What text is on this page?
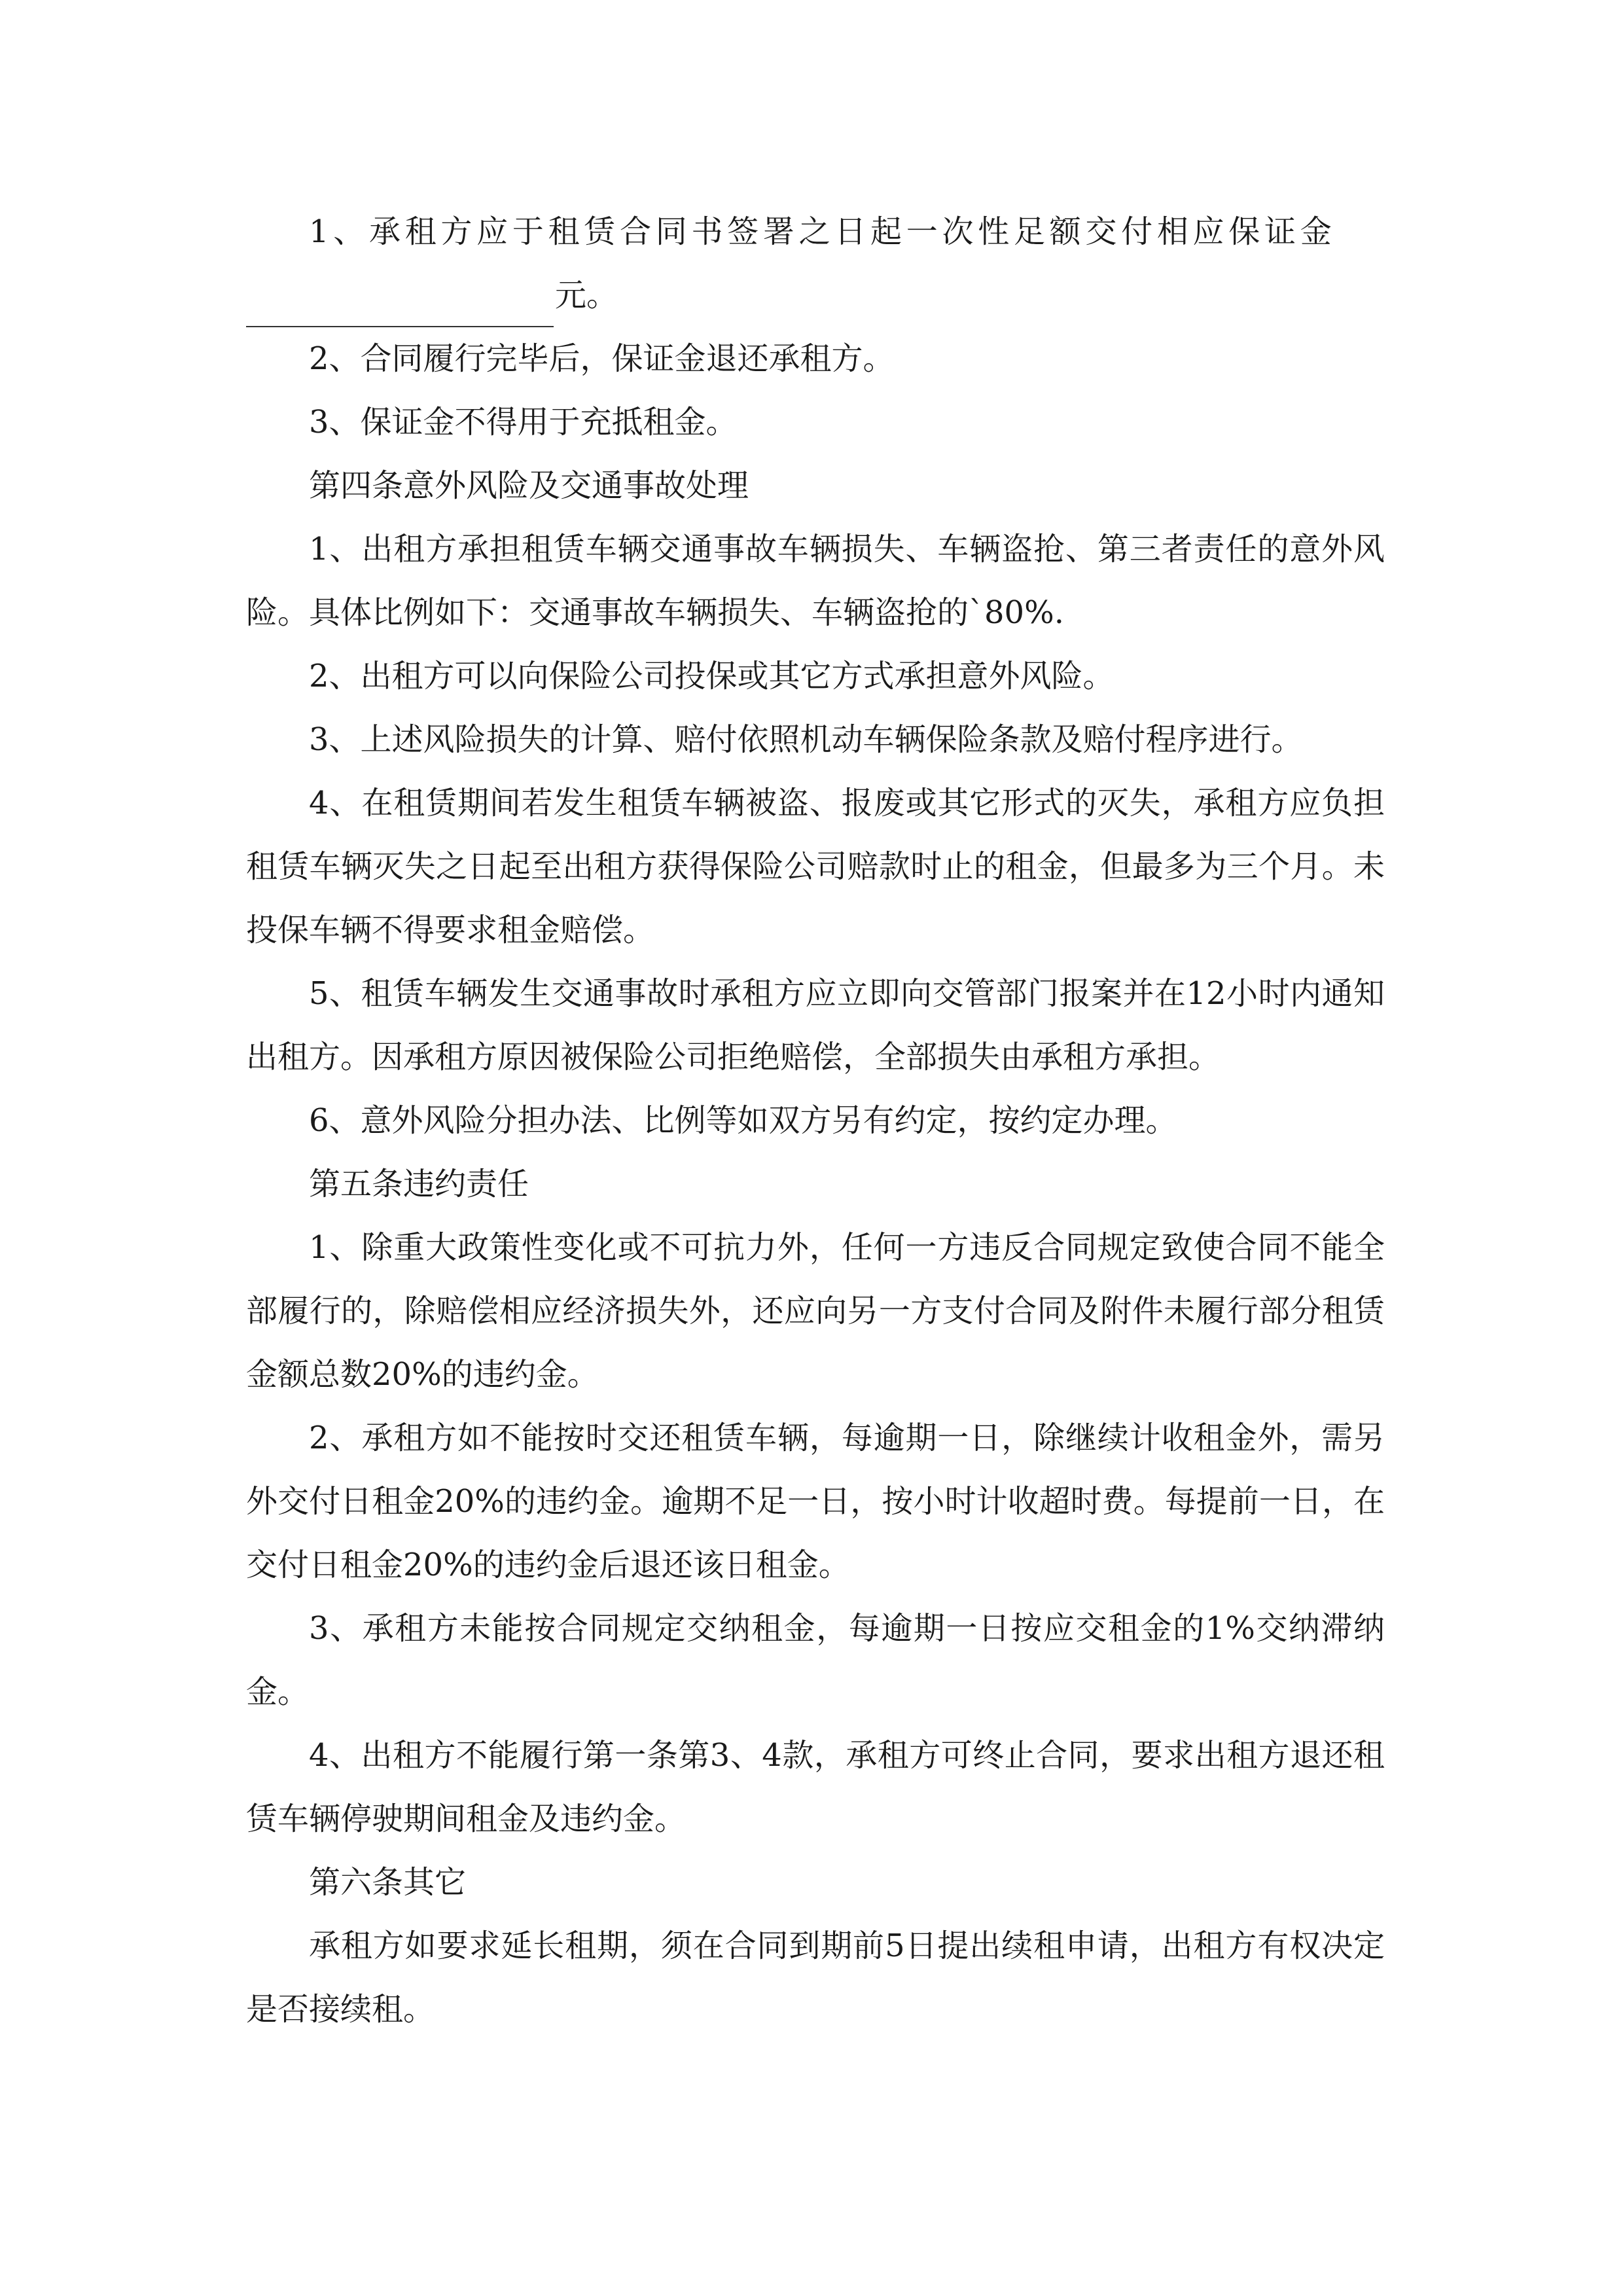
1、承租方应于租赁合同书签署之日起一次性足额交付相应保证金

元。

2、合同履行完毕后，保证金退还承租方。

3、保证金不得用于充抵租金。

第四条意外风险及交通事故处理

1、出租方承担租赁车辆交通事故车辆损失、车辆盗抢、第三者责任的意外风险。具体比例如下：交通事故车辆损失、车辆盗抢的`80%.

2、出租方可以向保险公司投保或其它方式承担意外风险。

3、上述风险损失的计算、赔付依照机动车辆保险条款及赔付程序进行。

4、在租赁期间若发生租赁车辆被盗、报废或其它形式的灭失，承租方应负担租赁车辆灭失之日起至出租方获得保险公司赔款时止的租金，但最多为三个月。未投保车辆不得要求租金赔偿。

5、租赁车辆发生交通事故时承租方应立即向交管部门报案并在12小时内通知出租方。因承租方原因被保险公司拒绝赔偿，全部损失由承租方承担。

6、意外风险分担办法、比例等如双方另有约定，按约定办理。

第五条违约责任

1、除重大政策性变化或不可抗力外，任何一方违反合同规定致使合同不能全部履行的，除赔偿相应经济损失外，还应向另一方支付合同及附件未履行部分租赁金额总数20%的违约金。

2、承租方如不能按时交还租赁车辆，每逾期一日，除继续计收租金外，需另外交付日租金20%的违约金。逾期不足一日，按小时计收超时费。每提前一日，在交付日租金20%的违约金后退还该日租金。

3、承租方未能按合同规定交纳租金，每逾期一日按应交租金的1%交纳滞纳金。

4、出租方不能履行第一条第3、4款，承租方可终止合同，要求出租方退还租赁车辆停驶期间租金及违约金。

第六条其它

承租方如要求延长租期，须在合同到期前5日提出续租申请，出租方有权决定是否接续租。
